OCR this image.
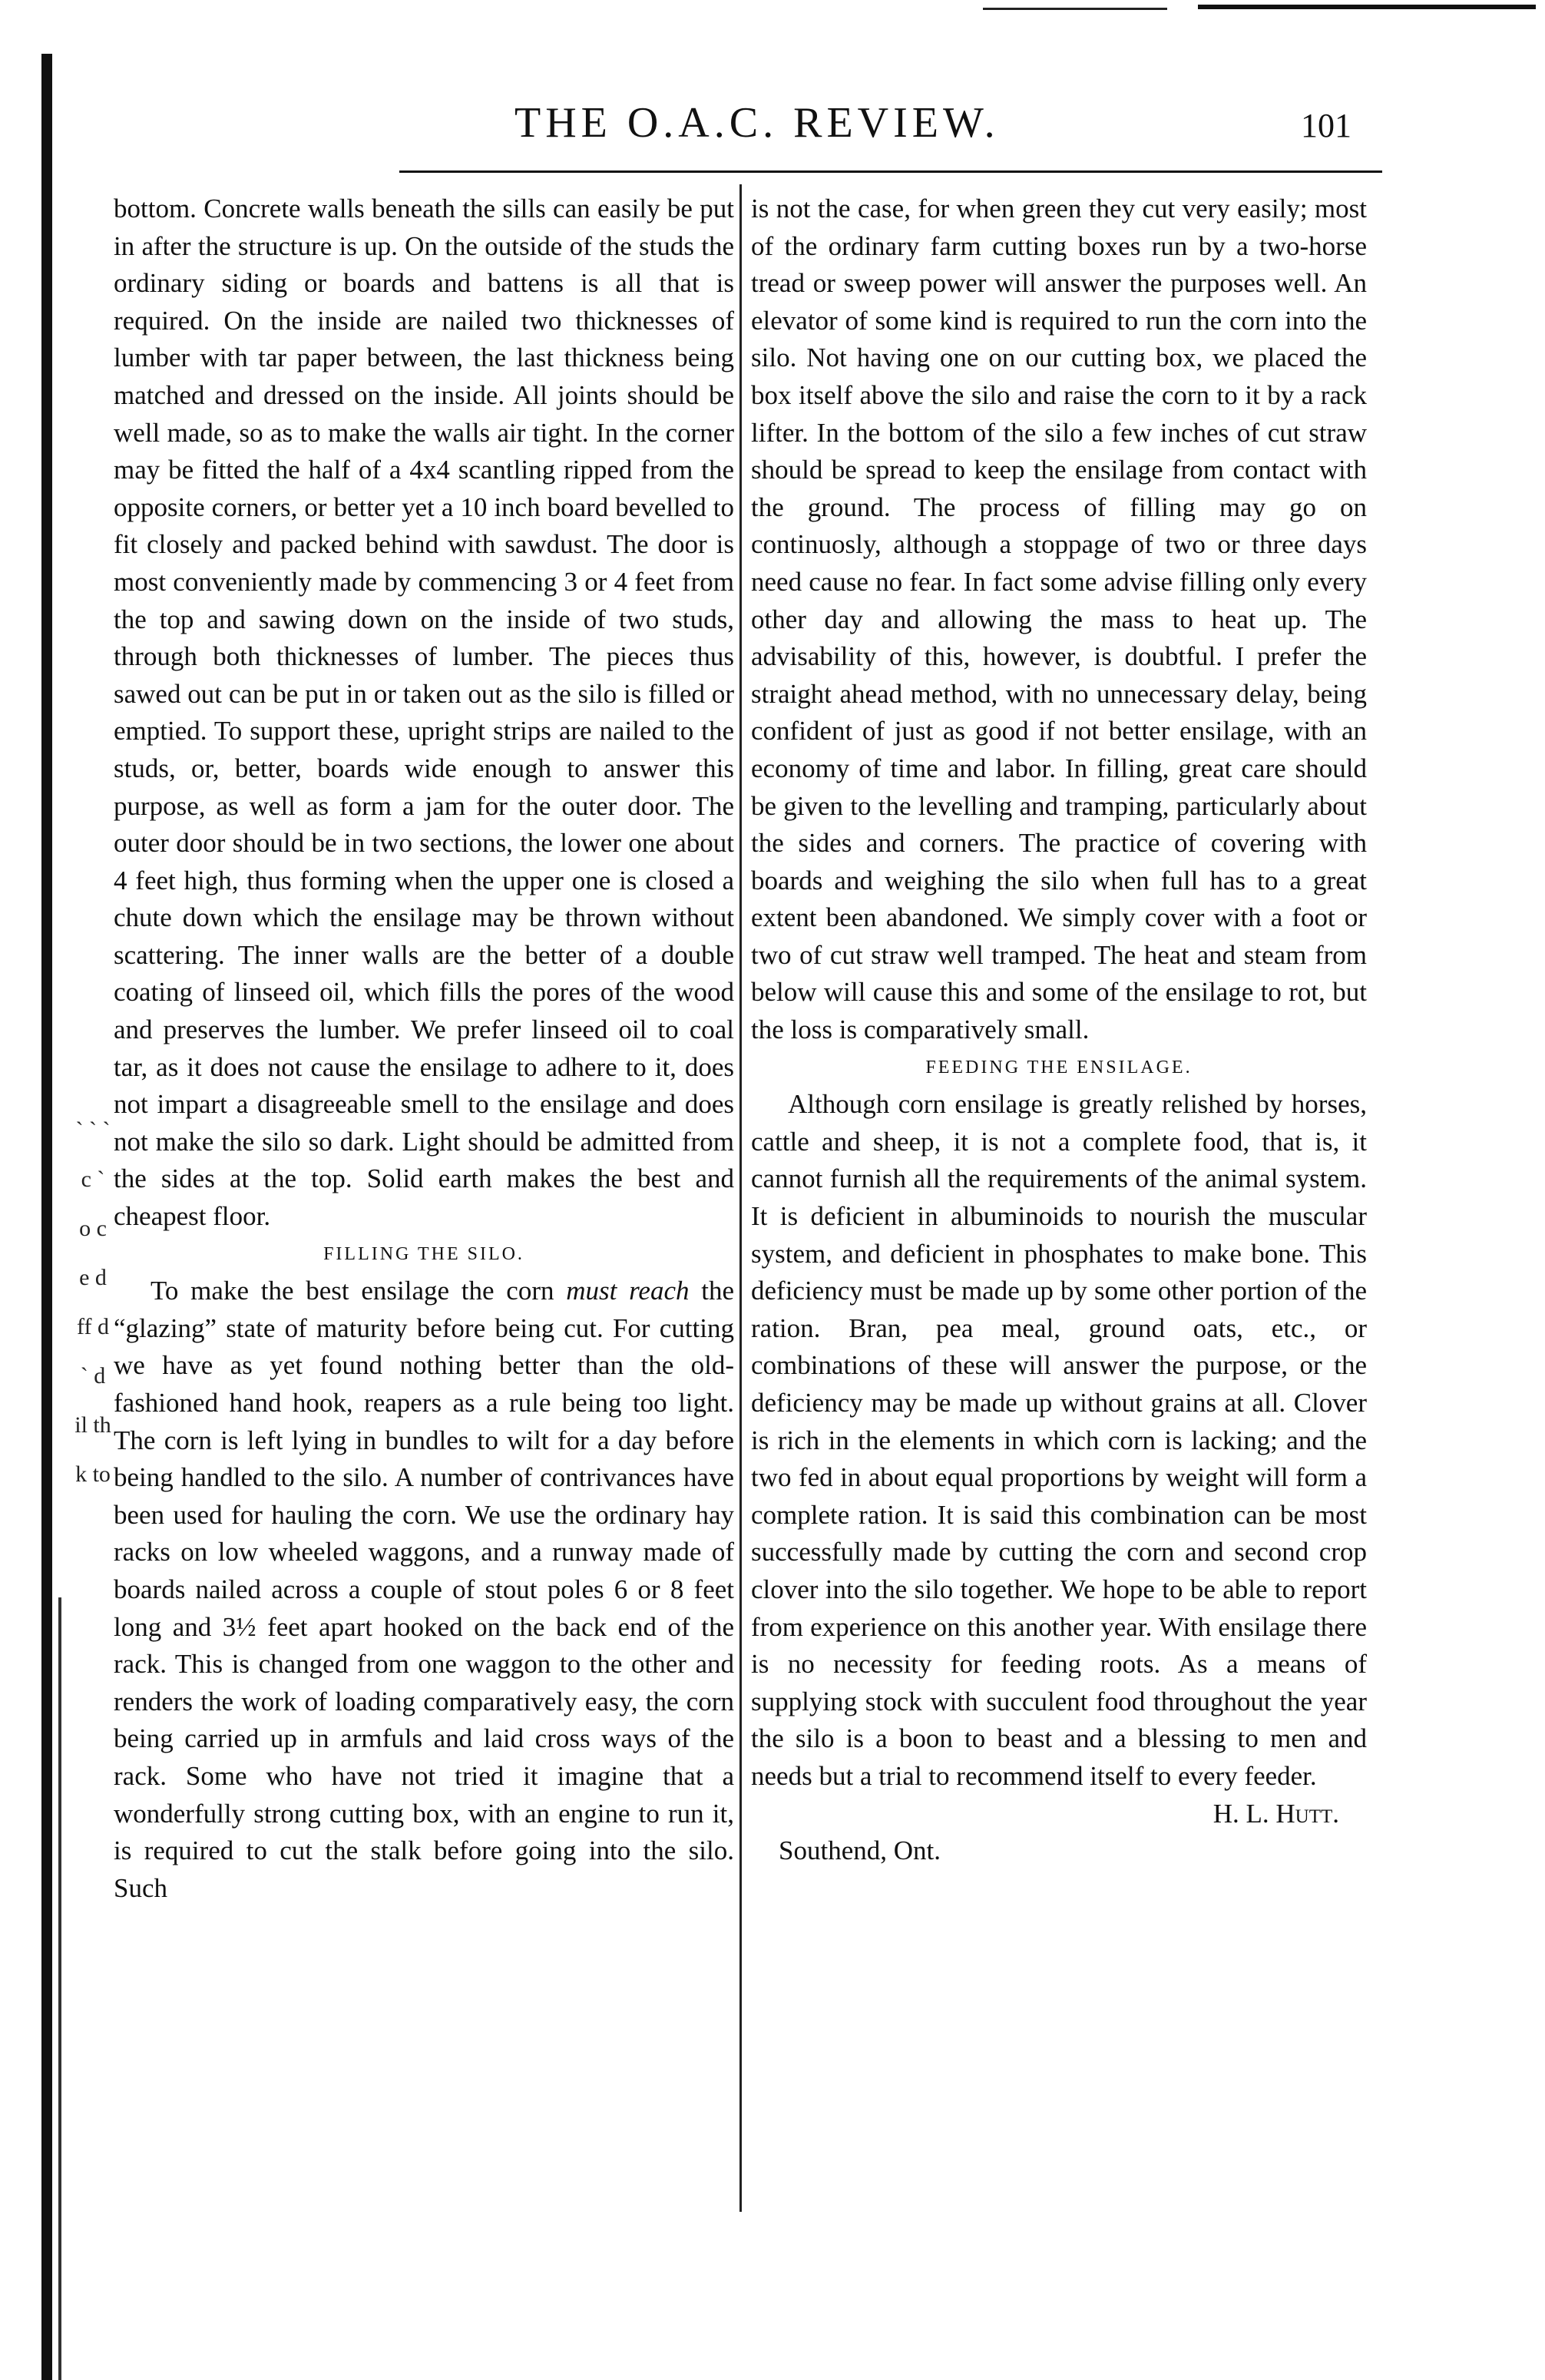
` ` ` c ` o c e d ff d ` d il th k to
THE O.A.C. REVIEW.	101

bottom. Concrete walls beneath the sills can easily be put in after the structure is up. On the outside of the studs the ordinary siding or boards and battens is all that is required. On the inside are nailed two thicknesses of lumber with tar paper between, the last thickness being matched and dressed on the inside. All joints should be well made, so as to make the walls air tight. In the corner may be fitted the half of a 4x4 scantling ripped from the opposite corners, or better yet a 10 inch board bevelled to fit closely and packed behind with sawdust. The door is most conveniently made by commencing 3 or 4 feet from the top and sawing down on the inside of two studs, through both thicknesses of lumber. The pieces thus sawed out can be put in or taken out as the silo is filled or emptied. To support these, upright strips are nailed to the studs, or, better, boards wide enough to answer this purpose, as well as form a jam for the outer door. The outer door should be in two sections, the lower one about 4 feet high, thus forming when the upper one is closed a chute down which the ensilage may be thrown without scattering. The inner walls are the better of a double coating of linseed oil, which fills the pores of the wood and preserves the lumber. We prefer linseed oil to coal tar, as it does not cause the ensilage to adhere to it, does not impart a disagreeable smell to the ensilage and does not make the silo so dark. Light should be admitted from the sides at the top. Solid earth makes the best and cheapest floor.

FILLING THE SILO.

To make the best ensilage the corn must reach the “glazing” state of maturity before being cut. For cutting we have as yet found nothing better than the old-fashioned hand hook, reapers as a rule being too light. The corn is left lying in bundles to wilt for a day before being handled to the silo. A number of contrivances have been used for hauling the corn. We use the ordinary hay racks on low wheeled waggons, and a runway made of boards nailed across a couple of stout poles 6 or 8 feet long and 3½ feet apart hooked on the back end of the rack. This is changed from one waggon to the other and renders the work of loading comparatively easy, the corn being carried up in armfuls and laid cross ways of the rack. Some who have not tried it imagine that a wonderfully strong cutting box, with an engine to run it, is required to cut the stalk before going into the silo. Such

is not the case, for when green they cut very easily; most of the ordinary farm cutting boxes run by a two-horse tread or sweep power will answer the purposes well. An elevator of some kind is required to run the corn into the silo. Not having one on our cutting box, we placed the box itself above the silo and raise the corn to it by a rack lifter. In the bottom of the silo a few inches of cut straw should be spread to keep the ensilage from contact with the ground. The process of filling may go on continuosly, although a stoppage of two or three days need cause no fear. In fact some advise filling only every other day and allowing the mass to heat up. The advisability of this, however, is doubtful. I prefer the straight ahead method, with no unnecessary delay, being confident of just as good if not better ensilage, with an economy of time and labor. In filling, great care should be given to the levelling and tramping, particularly about the sides and corners. The practice of covering with boards and weighing the silo when full has to a great extent been abandoned. We simply cover with a foot or two of cut straw well tramped. The heat and steam from below will cause this and some of the ensilage to rot, but the loss is comparatively small.

FEEDING THE ENSILAGE.

Although corn ensilage is greatly relished by horses, cattle and sheep, it is not a complete food, that is, it cannot furnish all the requirements of the animal system. It is deficient in albuminoids to nourish the muscular system, and deficient in phosphates to make bone. This deficiency must be made up by some other portion of the ration. Bran, pea meal, ground oats, etc., or combinations of these will answer the purpose, or the deficiency may be made up without grains at all. Clover is rich in the elements in which corn is lacking; and the two fed in about equal proportions by weight will form a complete ration. It is said this combination can be most successfully made by cutting the corn and second crop clover into the silo together. We hope to be able to report from experience on this another year. With ensilage there is no necessity for feeding roots. As a means of supplying stock with succulent food throughout the year the silo is a boon to beast and a blessing to men and needs but a trial to recommend itself to every feeder.

H. L. Hutt.

Southend, Ont.
